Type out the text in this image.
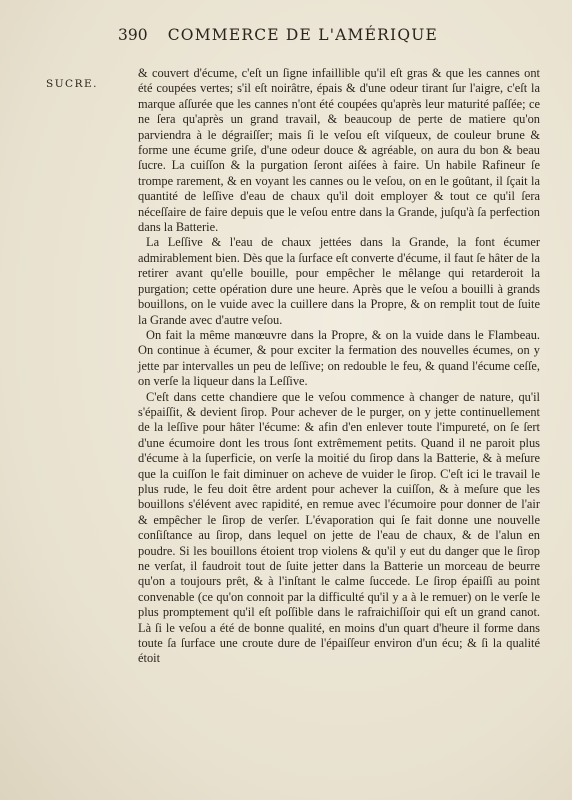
390 COMMERCE DE L'AMÉRIQUE
SUCRE.

& couvert d'écume, c'eſt un ſigne infaillible qu'il eſt gras & que les cannes ont été coupées vertes; s'il eſt noirâtre, épais & d'une odeur tirant ſur l'aigre, c'eſt la marque aſſurée que les cannes n'ont été coupées qu'après leur maturité paſſée; ce ne ſera qu'après un grand travail, & beaucoup de perte de matiere qu'on parviendra à le dégraiſſer; mais ſi le veſou eſt viſqueux, de couleur brune & forme une écume griſe, d'une odeur douce & agréable, on aura du bon & beau ſucre. La cuiſſon & la purgation ſeront aiſées à faire. Un habile Rafineur ſe trompe rarement, & en voyant les cannes ou le veſou, on en le goûtant, il ſçait la quantité de leſſive d'eau de chaux qu'il doit employer & tout ce qu'il ſera néceſſaire de faire depuis que le veſou entre dans la Grande, juſqu'à ſa perfection dans la Batterie.

La Leſſive & l'eau de chaux jettées dans la Grande, la font écumer admirablement bien. Dès que la ſurface eſt converte d'écume, il faut ſe hâter de la retirer avant qu'elle bouille, pour empêcher le mêlange qui retarderoit la purgation; cette opération dure une heure. Après que le veſou a bouilli à grands bouillons, on le vuide avec la cuillere dans la Propre, & on remplit tout de ſuite la Grande avec d'autre veſou.

On fait la même manœuvre dans la Propre, & on la vuide dans le Flambeau. On continue à écumer, & pour exciter la fermation des nouvelles écumes, on y jette par intervalles un peu de leſſive; on redouble le feu, & quand l'écume ceſſe, on verſe la liqueur dans la Leſſive.

C'eſt dans cette chandiere que le veſou commence à changer de nature, qu'il s'épaiſſit, & devient ſirop. Pour achever de le purger, on y jette continuellement de la leſſive pour hâter l'écume: & afin d'en enlever toute l'impureté, on ſe ſert d'une écumoire dont les trous ſont extrêmement petits. Quand il ne paroit plus d'écume à la ſuperficie, on verſe la moitié du ſirop dans la Batterie, & à meſure que la cuiſſon le fait diminuer on acheve de vuider le ſirop. C'eſt ici le travail le plus rude, le feu doit être ardent pour achever la cuiſſon, & à meſure que les bouillons s'élévent avec rapidité, en remue avec l'écumoire pour donner de l'air & empêcher le ſirop de verſer. L'évaporation qui ſe fait donne une nouvelle conſiſtance au ſirop, dans lequel on jette de l'eau de chaux, & de l'alun en poudre. Si les bouillons étoient trop violens & qu'il y eut du danger que le ſirop ne verſat, il faudroit tout de ſuite jetter dans la Batterie un morceau de beurre qu'on a toujours prêt, & à l'inſtant le calme ſuccede. Le ſirop épaiſſi au point convenable (ce qu'on connoit par la difficulté qu'il y a à le remuer) on le verſe le plus promptement qu'il eſt poſſible dans le rafraichiſſoir qui eſt un grand canot. Là ſi le veſou a été de bonne qualité, en moins d'un quart d'heure il forme dans toute ſa ſurface une croute dure de l'épaiſſeur environ d'un écu; & ſi la qualité étoit
